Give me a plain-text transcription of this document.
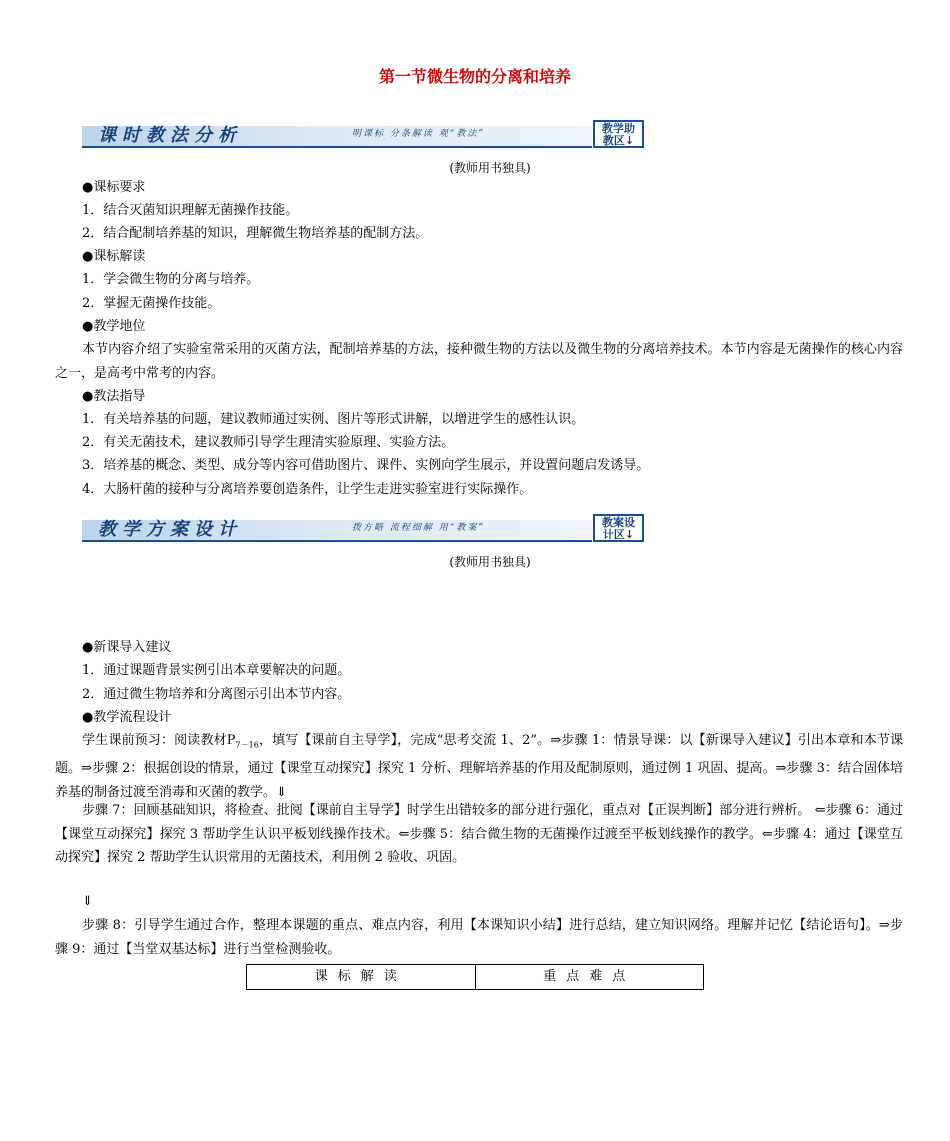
第一节微生物的分离和培养
课时教法分析	明课标 分条解读 观“教法”	教学助
教区↓
(教师用书独具)
●课标要求
1．结合灭菌知识理解无菌操作技能。
2．结合配制培养基的知识，理解微生物培养基的配制方法。
●课标解读
1．学会微生物的分离与培养。
2．掌握无菌操作技能。
●教学地位
本节内容介绍了实验室常采用的灭菌方法，配制培养基的方法，接种微生物的方法以及微生物的分离培养技术。本节内容是无菌操作的核心内容之一，是高考中常考的内容。
●教法指导
1．有关培养基的问题，建议教师通过实例、图片等形式讲解，以增进学生的感性认识。
2．有关无菌技术，建议教师引导学生理清实验原理、实验方法。
3．培养基的概念、类型、成分等内容可借助图片、课件、实例向学生展示，并设置问题启发诱导。
4．大肠杆菌的接种与分离培养要创造条件，让学生走进实验室进行实际操作。
教学方案设计	拨方略 流程细解 用“教案”	教案设
计区↓
(教师用书独具)
●新课导入建议
1．通过课题背景实例引出本章要解决的问题。
2．通过微生物培养和分离图示引出本节内容。
●教学流程设计
学生课前预习：阅读教材$P_{7-16}$，填写【课前自主导学】，完成“思考交流 1、2”。⇒步骤 1：情景导课：以【新课导入建议】引出本章和本节课题。⇒步骤 2：根据创设的情景，通过【课堂互动探究】探究 1 分析、理解培养基的作用及配制原则，通过例 1 巩固、提高。⇒步骤 3：结合固体培养基的制备过渡至消毒和灭菌的教学。⇓
步骤 7：回顾基础知识，将检查、批阅【课前自主导学】时学生出错较多的部分进行强化，重点对【正误判断】部分进行辨析。 ⇐步骤 6：通过【课堂互动探究】探究 3 帮助学生认识平板划线操作技术。⇐步骤 5：结合微生物的无菌操作过渡至平板划线操作的教学。⇐步骤 4：通过【课堂互动探究】探究 2 帮助学生认识常用的无菌技术，利用例 2 验收、巩固。
⇓
步骤 8：引导学生通过合作，整理本课题的重点、难点内容，利用【本课知识小结】进行总结，建立知识网络。理解并记忆【结论语句】。⇒步骤 9：通过【当堂双基达标】进行当堂检测验收。
课标解读	重点难点
